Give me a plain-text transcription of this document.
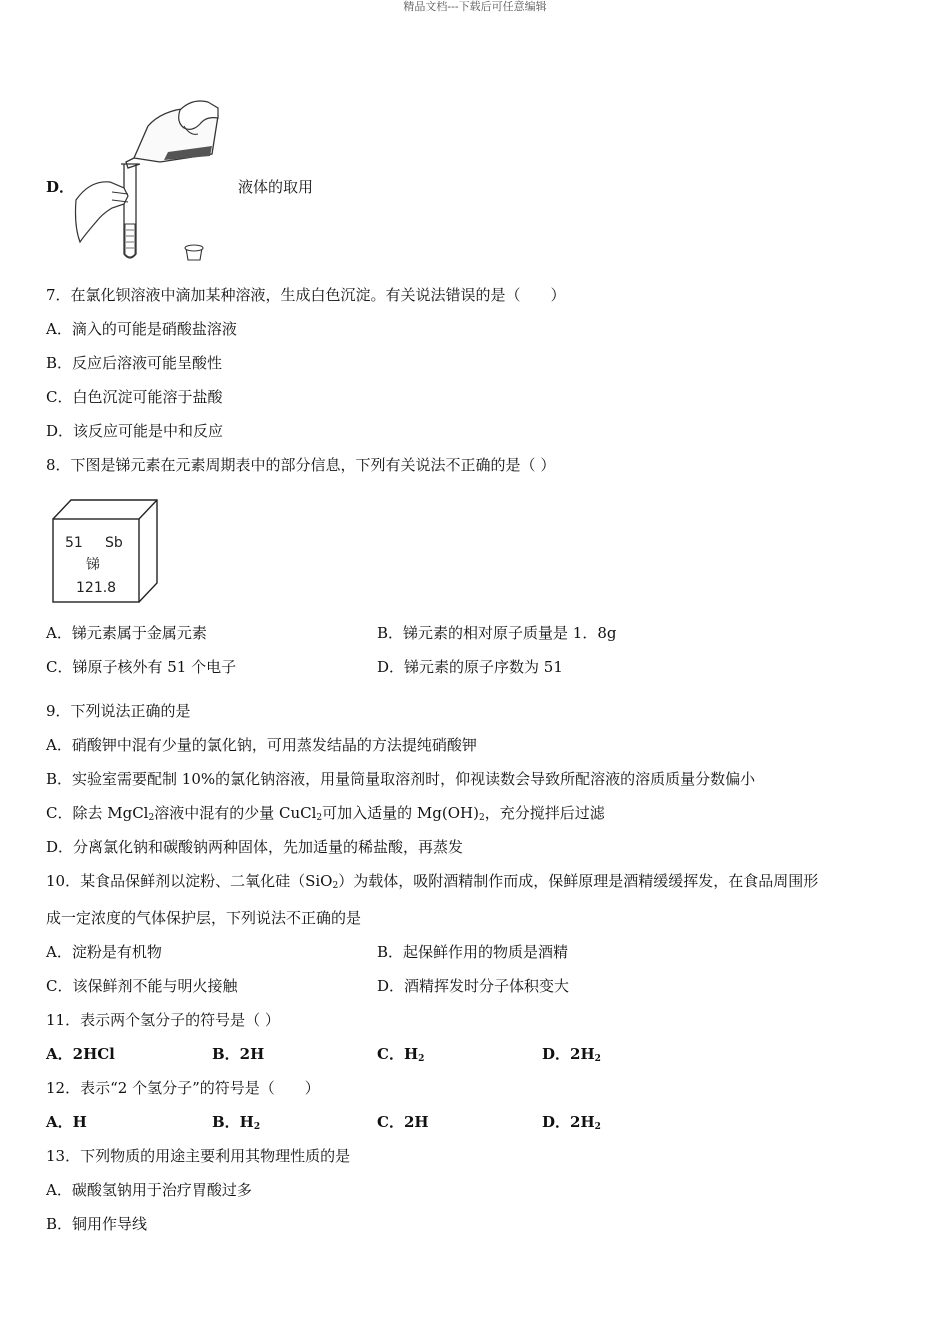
精品文档---下载后可任意编辑
D．	液体的取用
7．在氯化钡溶液中滴加某种溶液，生成白色沉淀。有关说法错误的是（　　）
A．滴入的可能是硝酸盐溶液
B．反应后溶液可能呈酸性
C．白色沉淀可能溶于盐酸
D．该反应可能是中和反应
8．下图是锑元素在元素周期表中的部分信息，下列有关说法不正确的是（ ）
51 Sb
锑
121.8
A．锑元素属于金属元素	B．锑元素的相对原子质量是 1．8g
C．锑原子核外有 51 个电子	D．锑元素的原子序数为 51
9．下列说法正确的是
A．硝酸钾中混有少量的氯化钠，可用蒸发结晶的方法提纯硝酸钾
B．实验室需要配制 10%的氯化钠溶液，用量筒量取溶剂时，仰视读数会导致所配溶液的溶质质量分数偏小
C．除去 MgCl$_2$溶液中混有的少量 CuCl$_2$可加入适量的 $Mg(OH)_2$，充分搅拌后过滤
D．分离氯化钠和碳酸钠两种固体，先加适量的稀盐酸，再蒸发
10．某食品保鲜剂以淀粉、二氧化硅（SiO$_2$）为载体，吸附酒精制作而成，保鲜原理是酒精缓缓挥发，在食品周围形
成一定浓度的气体保护层，下列说法不正确的是
A．淀粉是有机物	B．起保鲜作用的物质是酒精
C．该保鲜剂不能与明火接触	D．酒精挥发时分子体积变大
11．表示两个氢分子的符号是（ ）
A．2HCl	B．2H	C．$H_2$	D．$2H_2$
12．表示“2 个氢分子”的符号是（　　）
A．H	B．$H_2$	C．2H	D．$2H_2$
13．下列物质的用途主要利用其物理性质的是
A．碳酸氢钠用于治疗胃酸过多
B．铜用作导线
